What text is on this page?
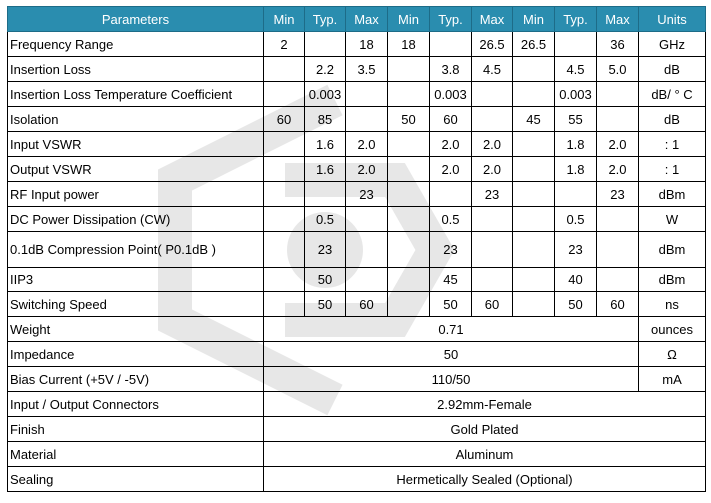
Parameters	Min	Typ.	Max	Min	Typ.	Max	Min	Typ.	Max	Units
Frequency Range	2		18	18		26.5	26.5		36	GHz
Insertion Loss		2.2	3.5		3.8	4.5		4.5	5.0	dB
Insertion Loss Temperature Coefficient		0.003			0.003			0.003		dB/ ° C
Isolation	60	85		50	60		45	55		dB
Input VSWR		1.6	2.0		2.0	2.0		1.8	2.0	: 1
Output VSWR		1.6	2.0		2.0	2.0		1.8	2.0	: 1
RF Input power			23			23			23	dBm
DC Power Dissipation (CW)		0.5			0.5			0.5		W
0.1dB Compression Point( P0.1dB )		23			23			23		dBm
IIP3		50			45			40		dBm
Switching Speed		50	60		50	60		50	60	ns
Weight	0.71									ounces
Impedance	50									Ω
Bias Current (+5V / -5V)	110/50									mA
Input / Output Connectors	2.92mm-Female									
Finish	Gold Plated									
Material	Aluminum									
Sealing	Hermetically Sealed (Optional)									
